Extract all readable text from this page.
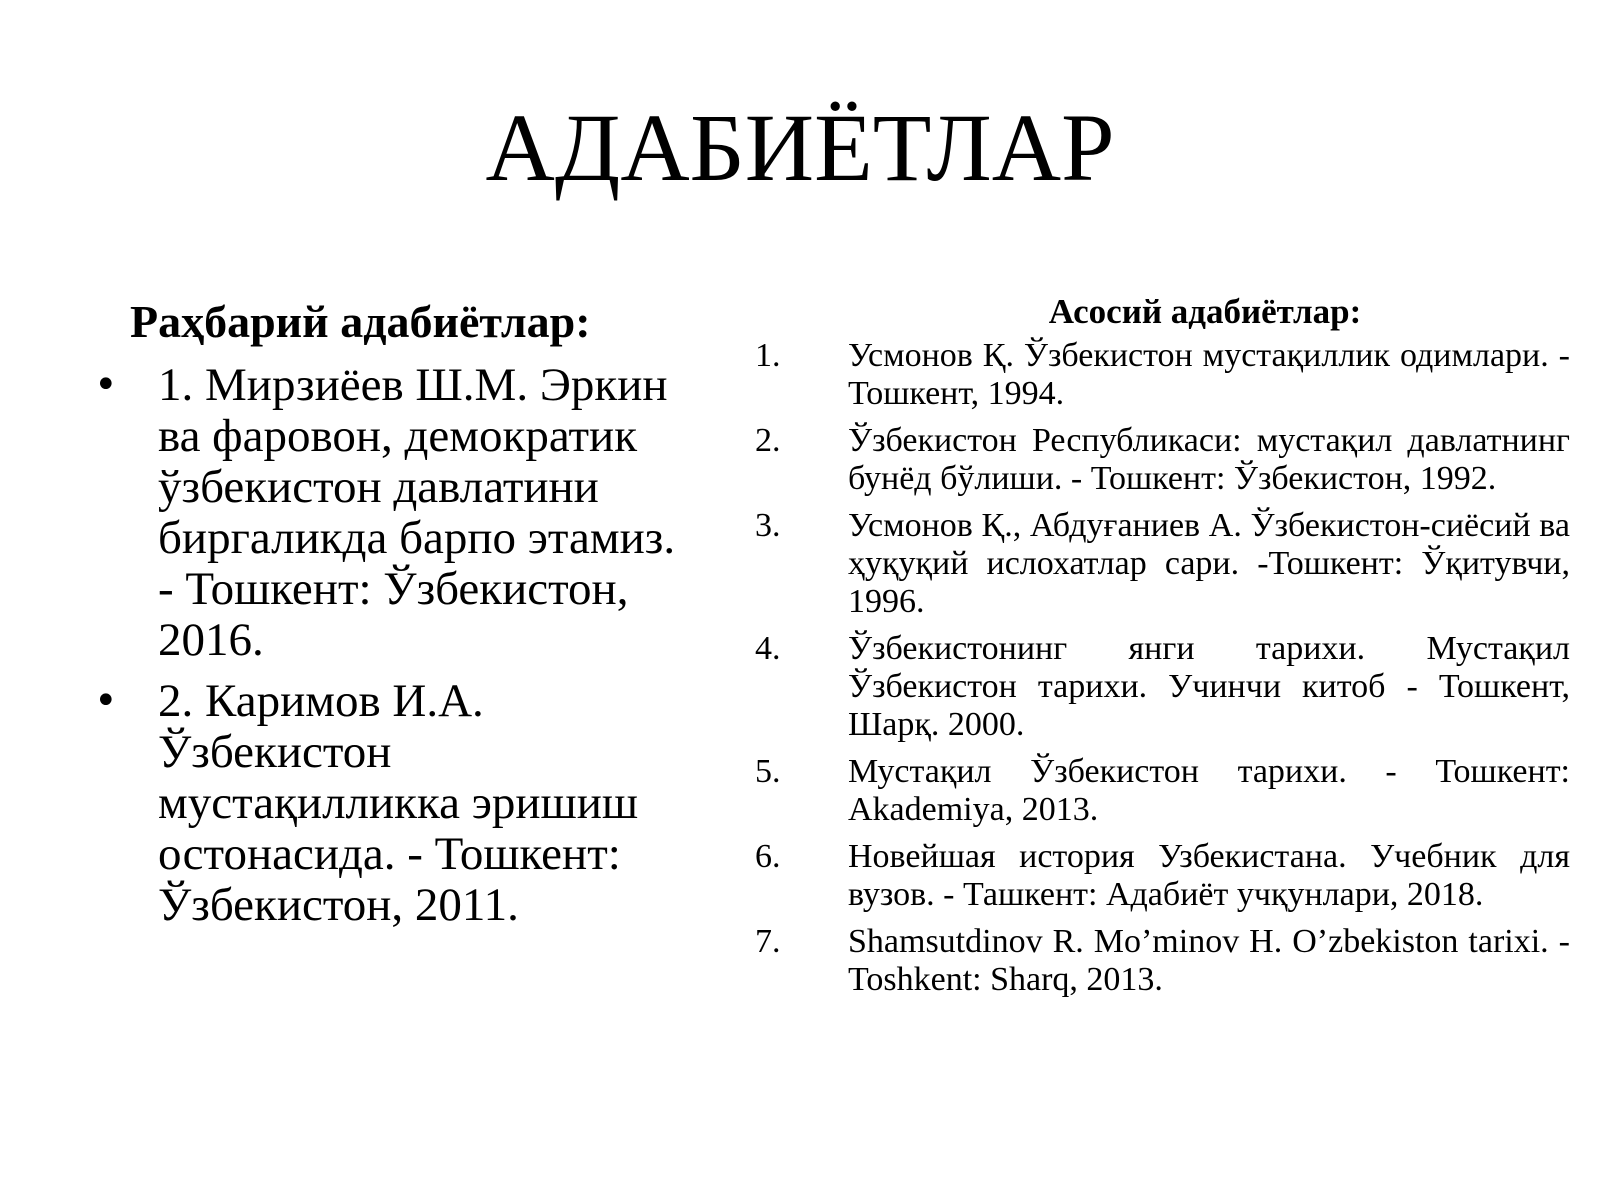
АДАБИЁТЛАР
Раҳбарий адабиётлар:
• 1. Мирзиёев Ш.М. Эркин ва фаровон, демократик ўзбекистон давлатини биргаликда барпо этамиз. - Тошкент: Ўзбекистон, 2016.
• 2. Каримов И.А. Ўзбекистон мустақилликка эришиш остонасида. - Тошкент: Ўзбекистон, 2011.
Асосий адабиётлар:
1.	Усмонов Қ. Ўзбекистон мустақиллик одимлари. - Тошкент, 1994.
2.	Ўзбекистон Республикаси: мустақил давлатнинг бунёд бўлиши. - Тошкент: Ўзбекистон, 1992.
3.	Усмонов Қ., Абдуғаниев А. Ўзбекистон-сиёсий ва ҳуқуқий ислохатлар сари. -Тошкент: Ўқитувчи, 1996.
4.	Ўзбекистонинг янги тарихи. Мустақил Ўзбекистон тарихи. Учинчи китоб - Тошкент, Шарқ. 2000.
5.	Мустақил Ўзбекистон тарихи. - Тошкент: Akademiya, 2013.
6.	Новейшая история Узбекистана. Учебник для вузов. - Ташкент: Адабиёт учқунлари, 2018.
7.	Shamsutdinov R. Mo’minov H. O’zbekiston tarixi. - Toshkent: Sharq, 2013.
